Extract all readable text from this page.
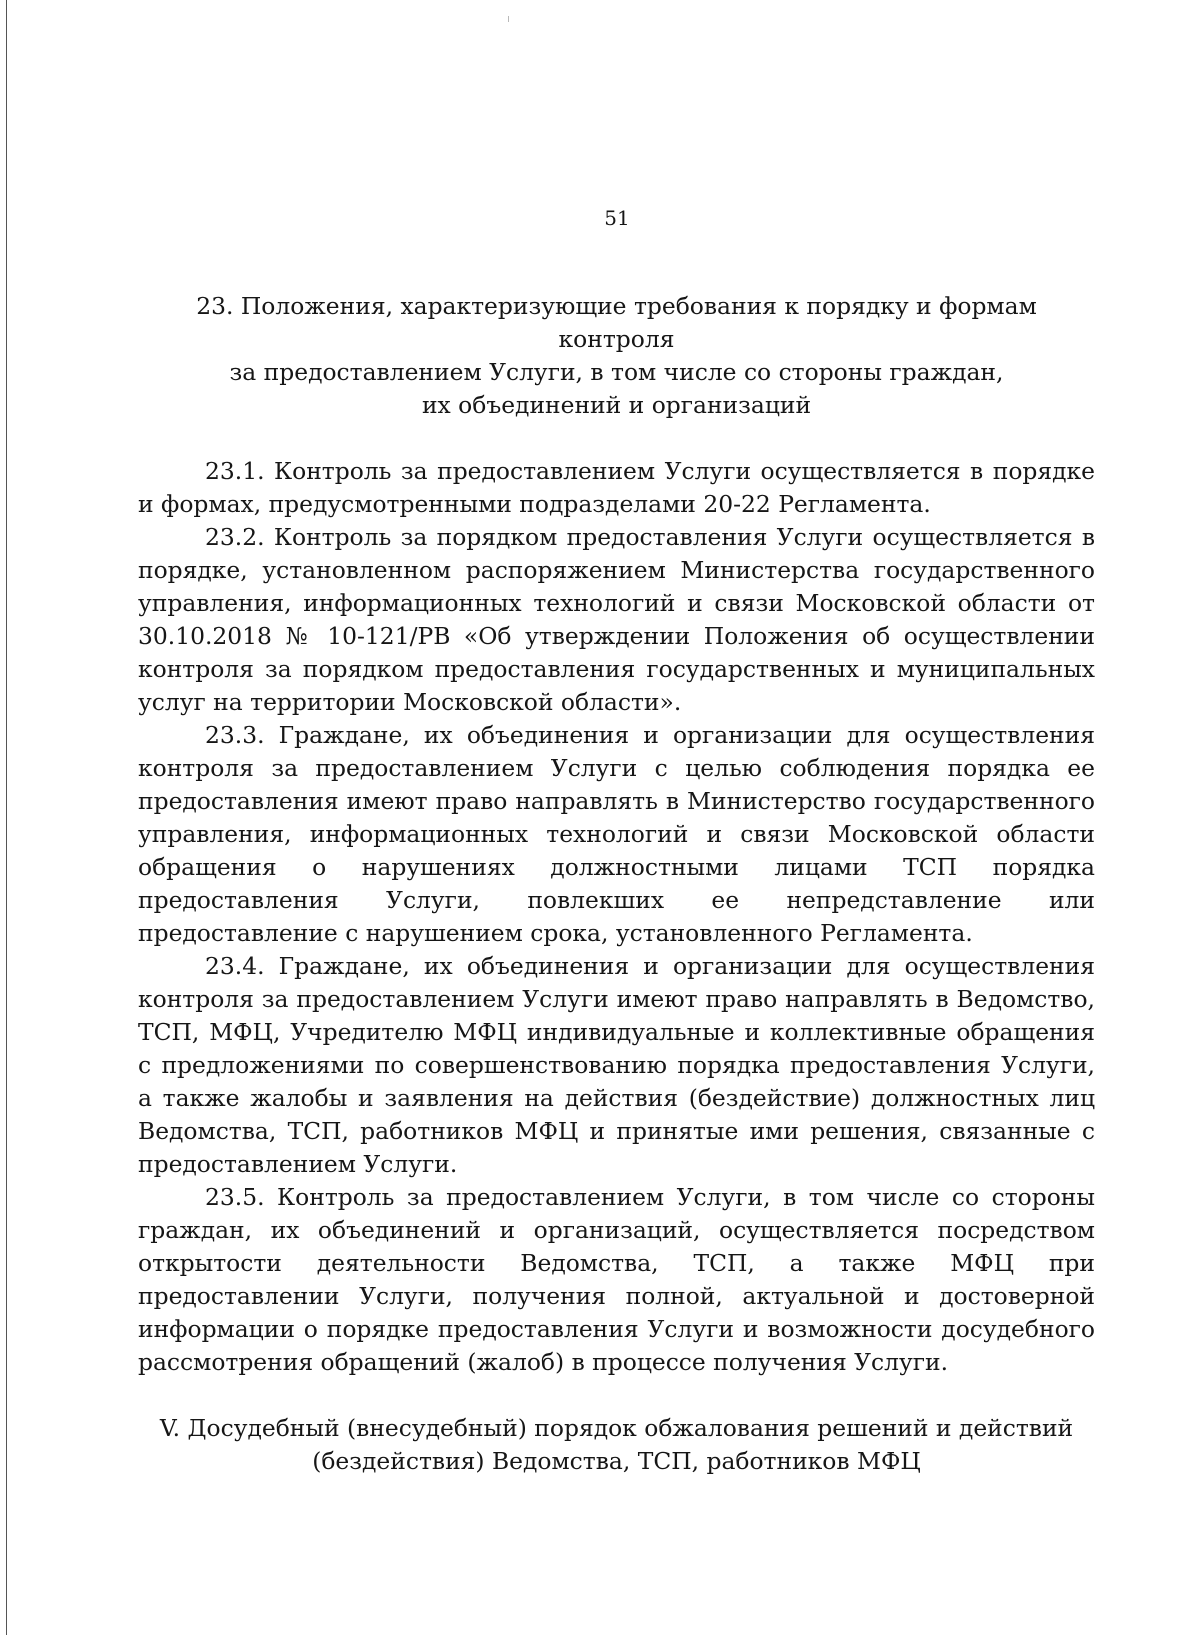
51
23. Положения, характеризующие требования к порядку и формам контроля
за предоставлением Услуги, в том числе со стороны граждан,
их объединений и организаций

23.1. Контроль за предоставлением Услуги осуществляется в порядке и формах, предусмотренными подразделами 20-22 Регламента.

23.2. Контроль за порядком предоставления Услуги осуществляется в порядке, установленном распоряжением Министерства государственного управления, информационных технологий и связи Московской области от 30.10.2018 № 10-121/РВ «Об утверждении Положения об осуществлении контроля за порядком предоставления государственных и муниципальных услуг на территории Московской области».

23.3. Граждане, их объединения и организации для осуществления контроля за предоставлением Услуги с целью соблюдения порядка ее предоставления имеют право направлять в Министерство государственного управления, информационных технологий и связи Московской области обращения о нарушениях должностными лицами ТСП порядка предоставления Услуги, повлекших ее непредставление или предоставление с нарушением срока, установленного Регламента.

23.4. Граждане, их объединения и организации для осуществления контроля за предоставлением Услуги имеют право направлять в Ведомство, ТСП, МФЦ, Учредителю МФЦ индивидуальные и коллективные обращения с предложениями по совершенствованию порядка предоставления Услуги, а также жалобы и заявления на действия (бездействие) должностных лиц Ведомства, ТСП, работников МФЦ и принятые ими решения, связанные с предоставлением Услуги.

23.5. Контроль за предоставлением Услуги, в том числе со стороны граждан, их объединений и организаций, осуществляется посредством открытости деятельности Ведомства, ТСП, а также МФЦ при предоставлении Услуги, получения полной, актуальной и достоверной информации о порядке предоставления Услуги и возможности досудебного рассмотрения обращений (жалоб) в процессе получения Услуги.

V. Досудебный (внесудебный) порядок обжалования решений и действий
(бездействия) Ведомства, ТСП, работников МФЦ
